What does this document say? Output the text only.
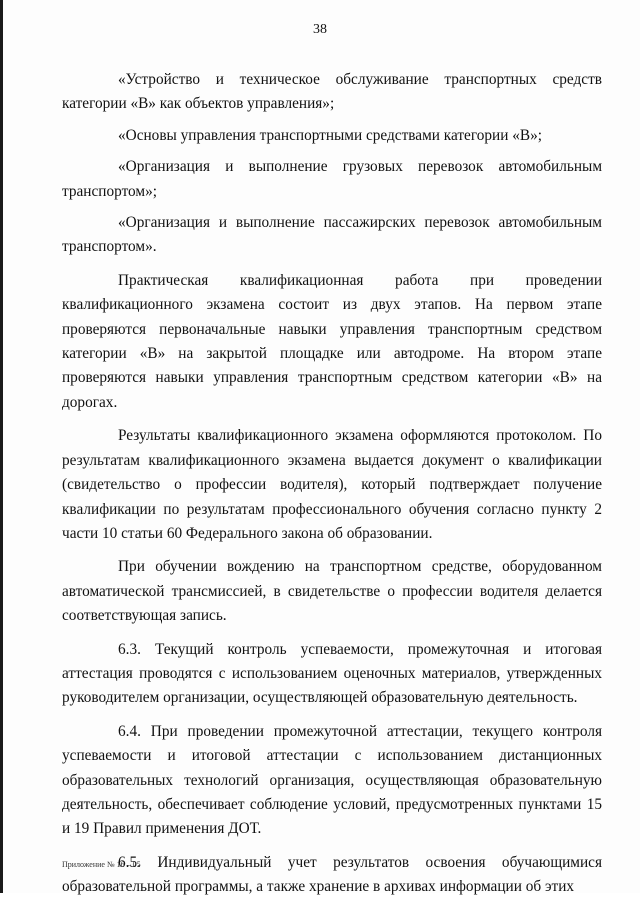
38

«Устройство и техническое обслуживание транспортных средств категории «В» как объектов управления»;

«Основы управления транспортными средствами категории «В»;

«Организация и выполнение грузовых перевозок автомобильным транспортом»;

«Организация и выполнение пассажирских перевозок автомобильным транспортом».

Практическая квалификационная работа при проведении квалификационного экзамена состоит из двух этапов. На первом этапе проверяются первоначальные навыки управления транспортным средством категории «В» на закрытой площадке или автодроме. На втором этапе проверяются навыки управления транспортным средством категории «В» на дорогах.

Результаты квалификационного экзамена оформляются протоколом. По результатам квалификационного экзамена выдается документ о квалификации (свидетельство о профессии водителя), который подтверждает получение квалификации по результатам профессионального обучения согласно пункту 2 части 10 статьи 60 Федерального закона об образовании.

При обучении вождению на транспортном средстве, оборудованном автоматической трансмиссией, в свидетельстве о профессии водителя делается соответствующая запись.

6.3. Текущий контроль успеваемости, промежуточная и итоговая аттестация проводятся с использованием оценочных материалов, утвержденных руководителем организации, осуществляющей образовательную деятельность.

6.4. При проведении промежуточной аттестации, текущего контроля успеваемости и итоговой аттестации с использованием дистанционных образовательных технологий организация, осуществляющая образовательную деятельность, обеспечивает соблюдение условий, предусмотренных пунктами 15 и 19 Правил применения ДОТ.

6.5. Индивидуальный учет результатов освоения обучающимися образовательной программы, а также хранение в архивах информации об этих

Приложение № 16 – 05
